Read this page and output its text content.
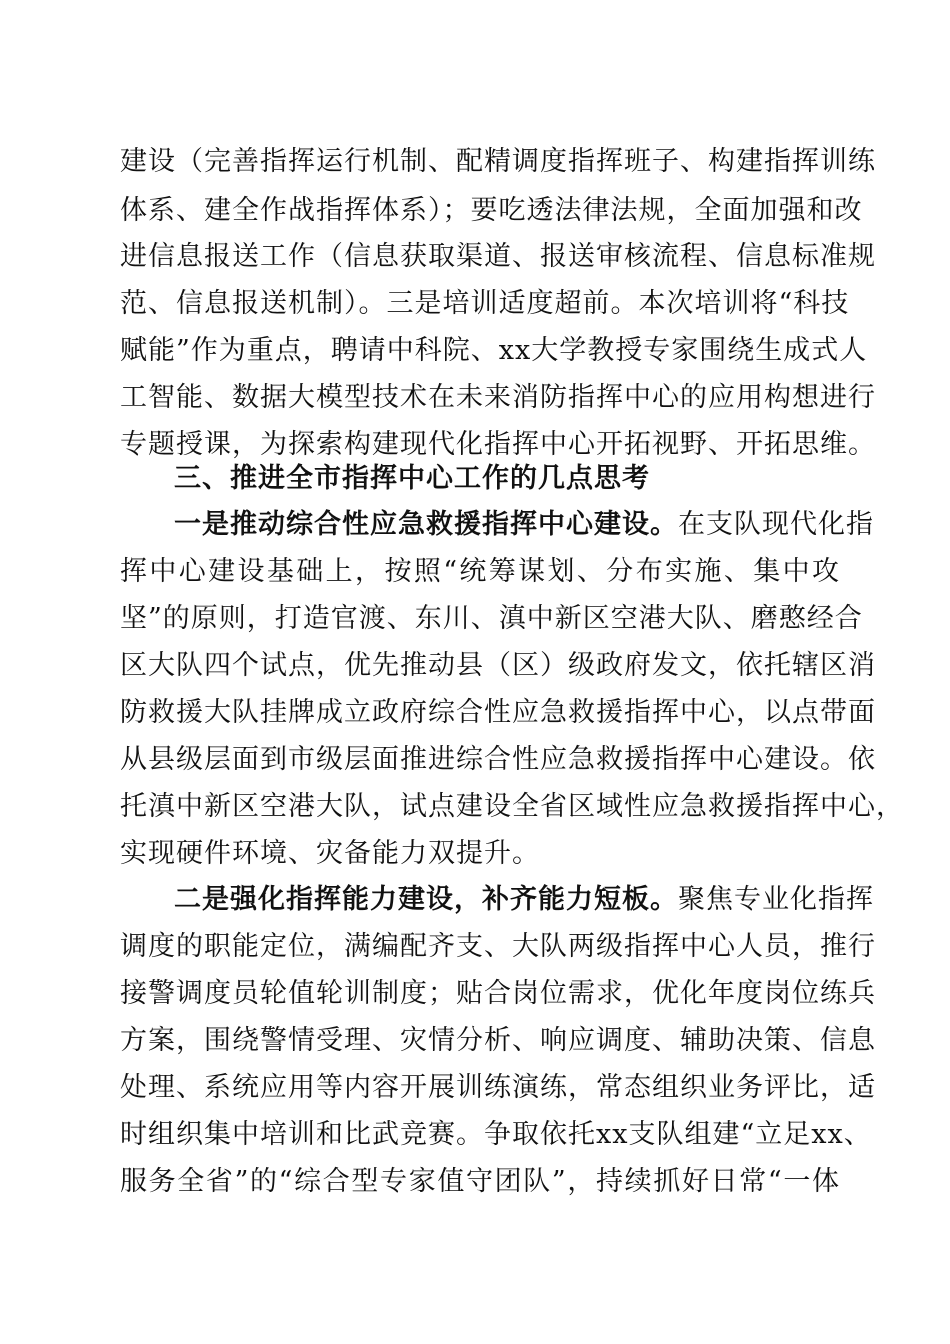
建设（完善指挥运行机制、配精调度指挥班子、构建指挥训练
体系、建全作战指挥体系）；要吃透法律法规，全面加强和改
进信息报送工作（信息获取渠道、报送审核流程、信息标准规
范、信息报送机制）。三是培训适度超前。本次培训将“科技
赋能”作为重点，聘请中科院、xx大学教授专家围绕生成式人
工智能、数据大模型技术在未来消防指挥中心的应用构想进行
专题授课，为探索构建现代化指挥中心开拓视野、开拓思维。
三、推进全市指挥中心工作的几点思考
一是推动综合性应急救援指挥中心建设。在支队现代化指
挥中心建设基础上，按照“统筹谋划、分布实施、集中攻
坚”的原则，打造官渡、东川、滇中新区空港大队、磨憨经合
区大队四个试点，优先推动县（区）级政府发文，依托辖区消
防救援大队挂牌成立政府综合性应急救援指挥中心，以点带面
从县级层面到市级层面推进综合性应急救援指挥中心建设。依
托滇中新区空港大队，试点建设全省区域性应急救援指挥中心，
实现硬件环境、灾备能力双提升。
二是强化指挥能力建设，补齐能力短板。聚焦专业化指挥
调度的职能定位，满编配齐支、大队两级指挥中心人员，推行
接警调度员轮值轮训制度；贴合岗位需求，优化年度岗位练兵
方案，围绕警情受理、灾情分析、响应调度、辅助决策、信息
处理、系统应用等内容开展训练演练，常态组织业务评比，适
时组织集中培训和比武竞赛。争取依托xx支队组建“立足xx、
服务全省”的“综合型专家值守团队”，持续抓好日常“一体
